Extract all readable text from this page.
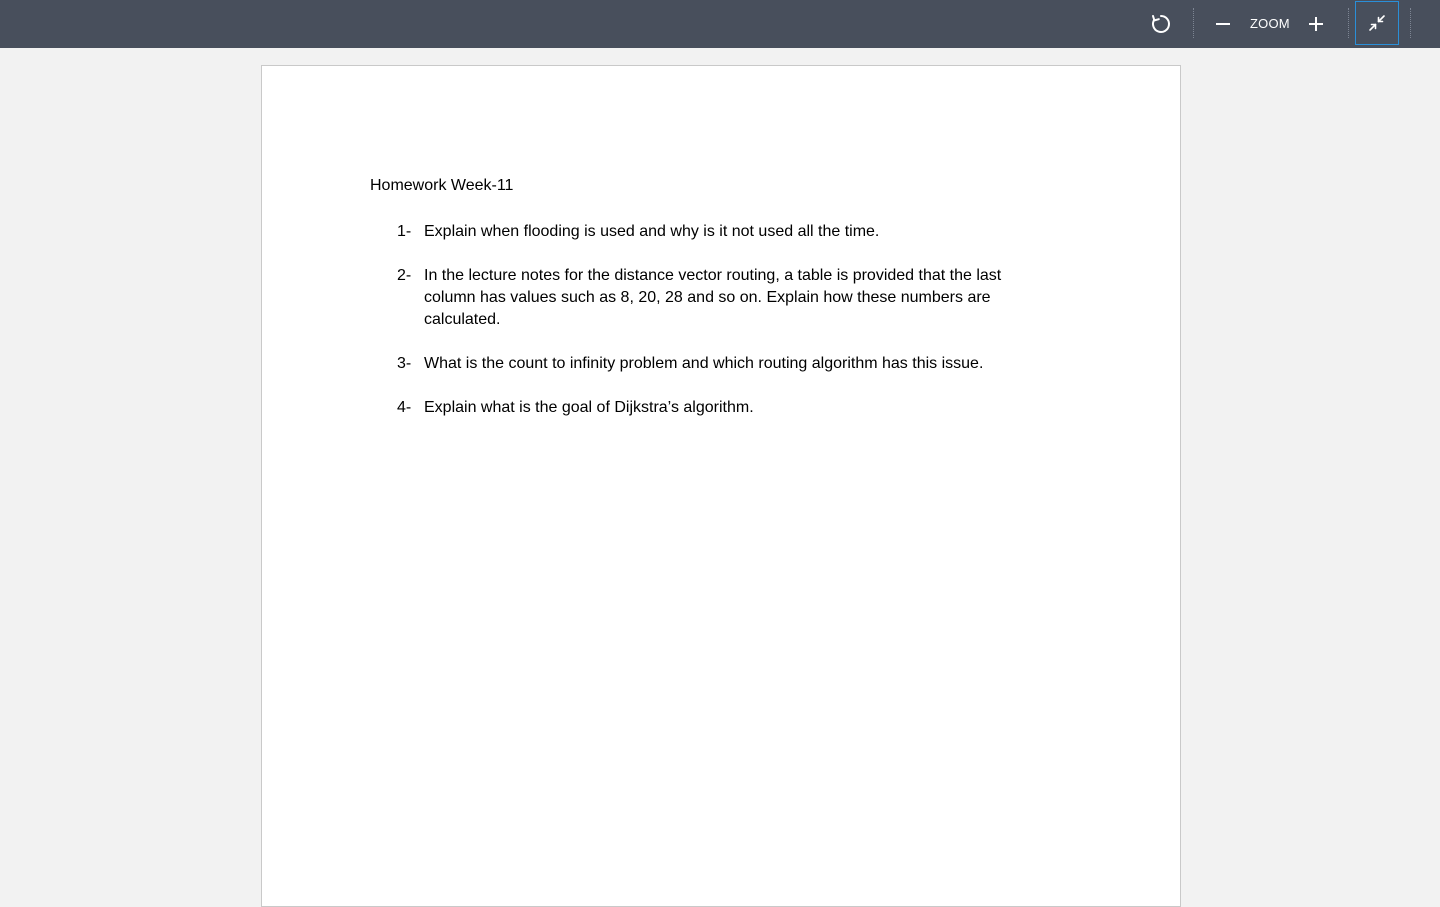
ZOOM
Homework Week-11
1- Explain when flooding is used and why is it not used all the time.
2- In the lecture notes for the distance vector routing, a table is provided that the last column has values such as 8, 20, 28 and so on. Explain how these numbers are calculated.
3- What is the count to infinity problem and which routing algorithm has this issue.
4- Explain what is the goal of Dijkstra’s algorithm.
